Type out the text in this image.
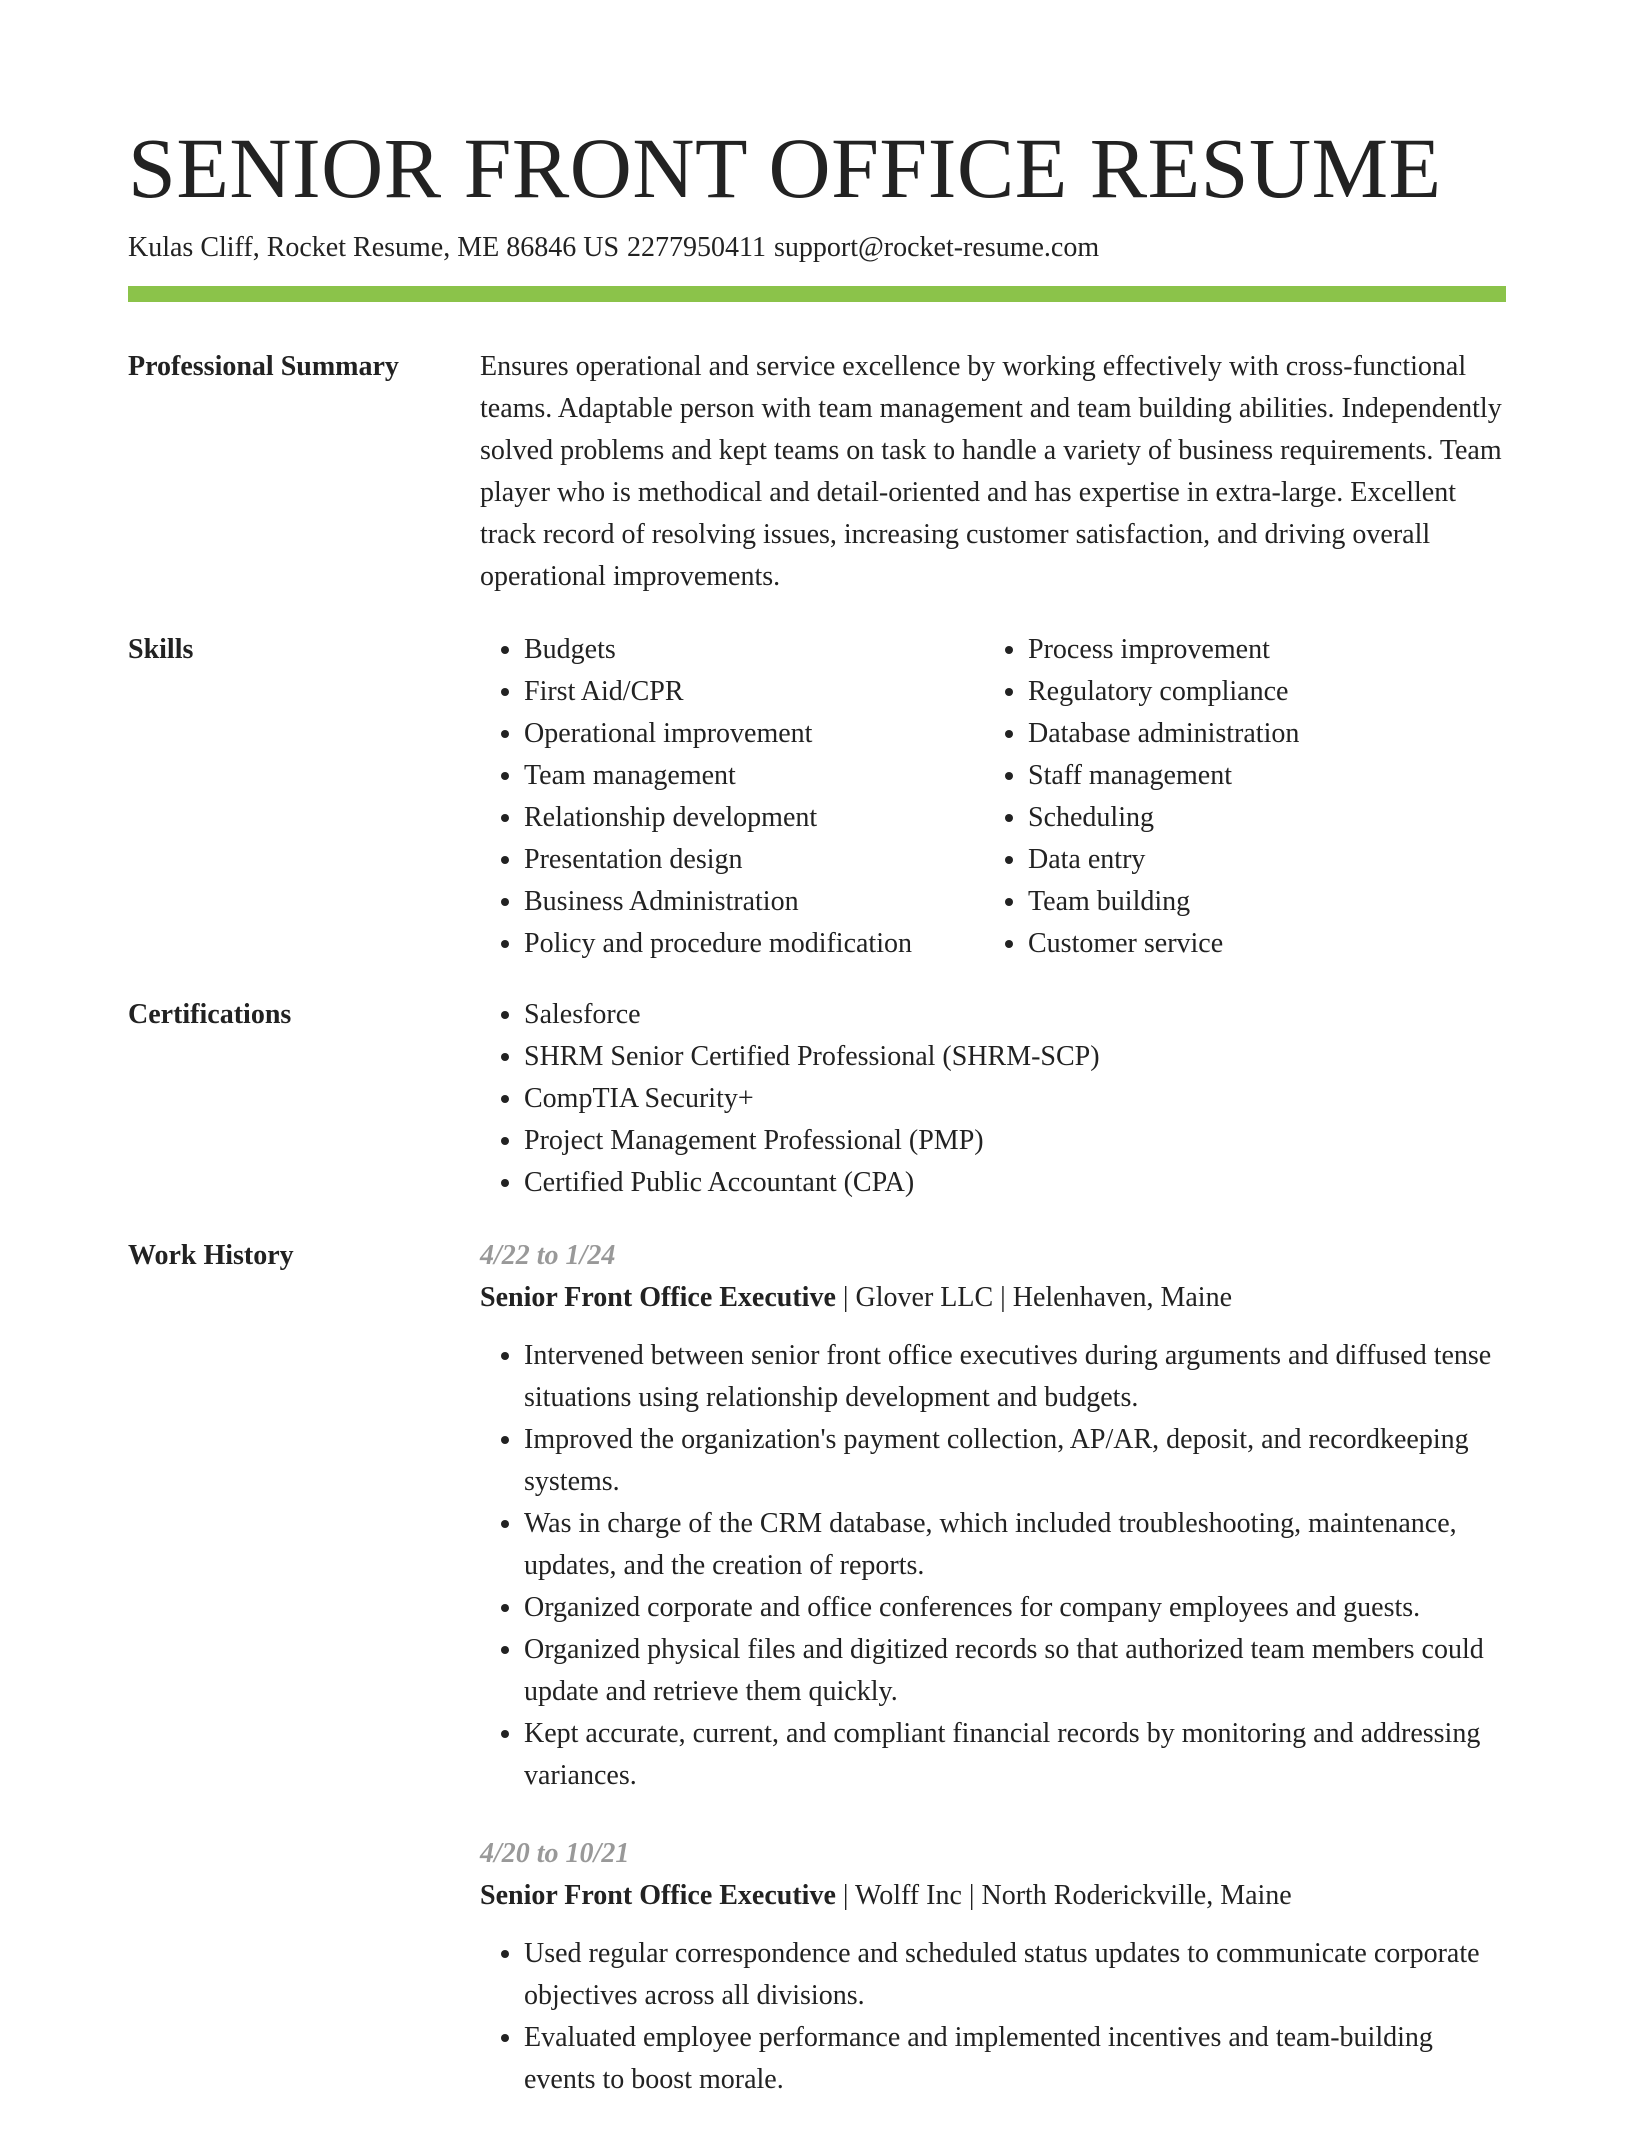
SENIOR FRONT OFFICE RESUME
Kulas Cliff, Rocket Resume, ME 86846 US 2277950411 support@rocket-resume.com
Professional Summary	Ensures operational and service excellence by working effectively with cross-functional teams. Adaptable person with team management and team building abilities. Independently solved problems and kept teams on task to handle a variety of business requirements. Team player who is methodical and detail-oriented and has expertise in extra-large. Excellent track record of resolving issues, increasing customer satisfaction, and driving overall operational improvements.

Skills	• Budgets
• First Aid/CPR
• Operational improvement
• Team management
• Relationship development
• Presentation design
• Business Administration
• Policy and procedure modification
• Process improvement
• Regulatory compliance
• Database administration
• Staff management
• Scheduling
• Data entry
• Team building
• Customer service
Certifications	• Salesforce
• SHRM Senior Certified Professional (SHRM-SCP)
• CompTIA Security+
• Project Management Professional (PMP)
• Certified Public Accountant (CPA)
Work History	4/22 to 1/24
Senior Front Office Executive | Glover LLC | Helenhaven, Maine
• Intervened between senior front office executives during arguments and diffused tense situations using relationship development and budgets.
• Improved the organization's payment collection, AP/AR, deposit, and recordkeeping systems.
• Was in charge of the CRM database, which included troubleshooting, maintenance, updates, and the creation of reports.
• Organized corporate and office conferences for company employees and guests.
• Organized physical files and digitized records so that authorized team members could update and retrieve them quickly.
• Kept accurate, current, and compliant financial records by monitoring and addressing variances.
4/20 to 10/21
Senior Front Office Executive | Wolff Inc | North Roderickville, Maine
• Used regular correspondence and scheduled status updates to communicate corporate objectives across all divisions.
• Evaluated employee performance and implemented incentives and team-building events to boost morale.
